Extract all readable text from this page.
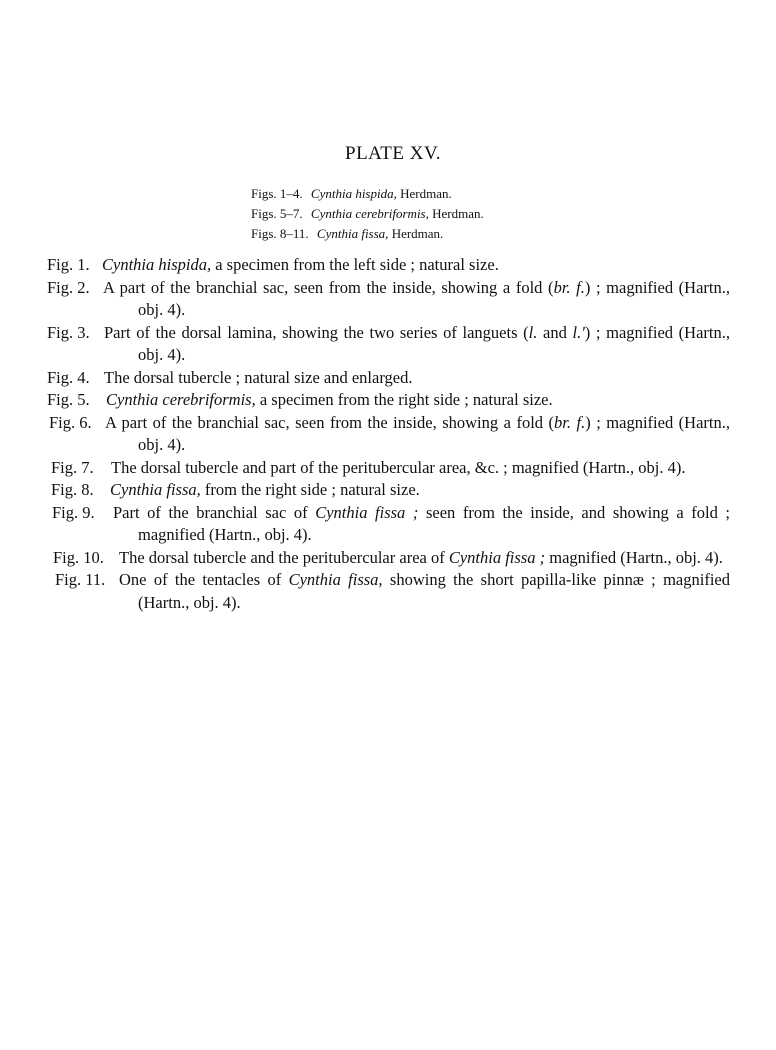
PLATE XV.
Figs. 1–4. Cynthia hispida, Herdman.
Figs. 5–7. Cynthia cerebriformis, Herdman.
Figs. 8–11. Cynthia fissa, Herdman.
Fig. 1. Cynthia hispida, a specimen from the left side ; natural size.
Fig. 2. A part of the branchial sac, seen from the inside, showing a fold (br. f.) ; magnified (Hartn., obj. 4).
Fig. 3. Part of the dorsal lamina, showing the two series of languets (l. and l.') ; magnified (Hartn., obj. 4).
Fig. 4. The dorsal tubercle ; natural size and enlarged.
Fig. 5. Cynthia cerebriformis, a specimen from the right side ; natural size.
Fig. 6. A part of the branchial sac, seen from the inside, showing a fold (br. f.) ; magnified (Hartn., obj. 4).
Fig. 7.	The dorsal tubercle and part of the peritubercular area, &c. ; magnified (Hartn., obj. 4).
Fig. 8. Cynthia fissa, from the right side ; natural size.
Fig. 9.	Part of the branchial sac of Cynthia fissa ; seen from the inside, and showing a fold ; magnified (Hartn., obj. 4).
Fig. 10. The dorsal tubercle and the peritubercular area of Cynthia fissa ; magnified (Hartn., obj. 4).
Fig. 11. One of the tentacles of Cynthia fissa, showing the short papilla-like pinnæ ; magnified (Hartn., obj. 4).
